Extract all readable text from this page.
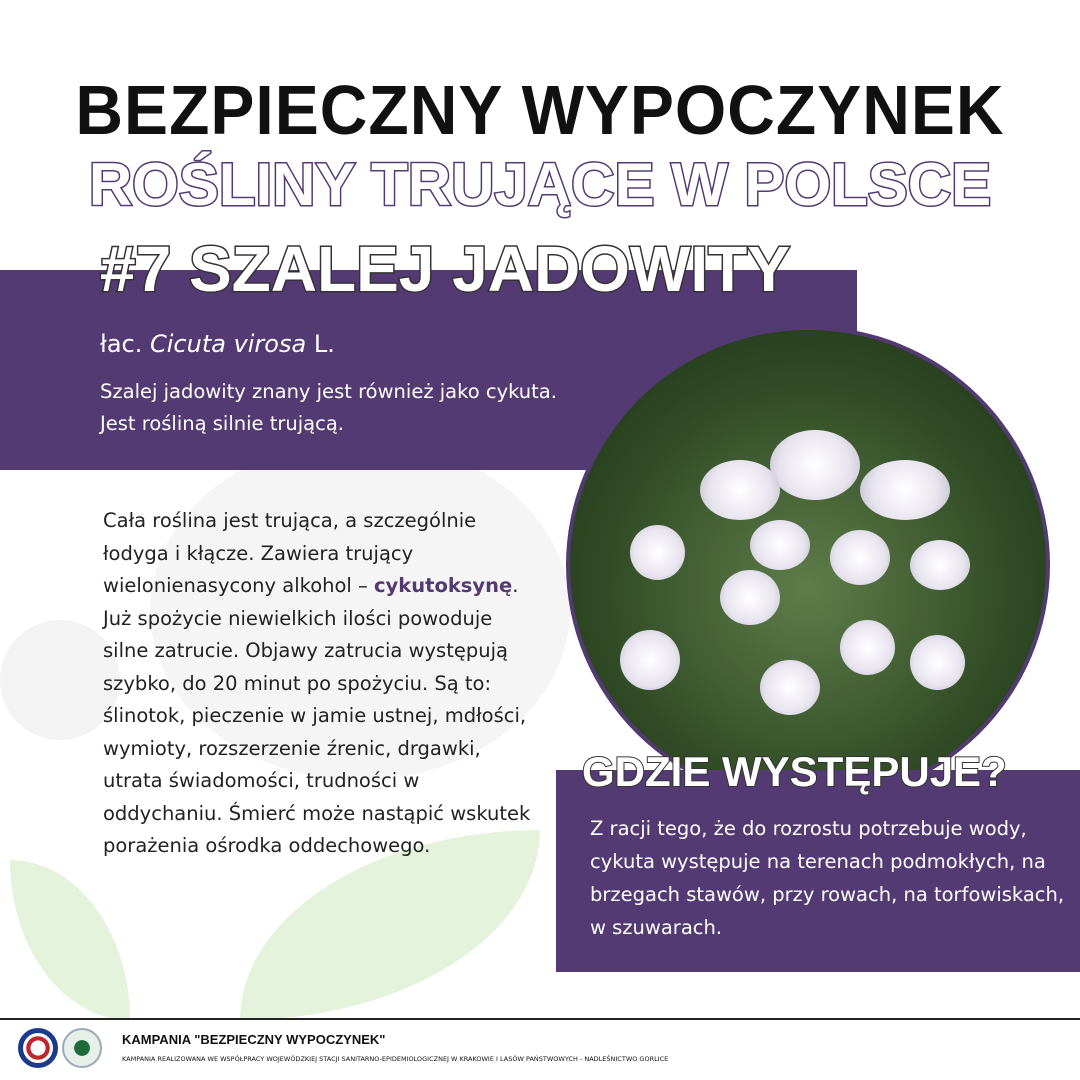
BEZPIECZNY WYPOCZYNEK
ROŚLINY TRUJĄCE W POLSCE
#7 SZALEJ JADOWITY
łac. Cicuta virosa L.
Szalej jadowity znany jest również jako cykuta.
Jest rośliną silnie trującą.
Cała roślina jest trująca, a szczególnie łodyga i kłącze. Zawiera trujący wielonienasycony alkohol – cykutoksynę. Już spożycie niewielkich ilości powoduje silne zatrucie. Objawy zatrucia występują szybko, do 20 minut po spożyciu. Są to: ślinotok, pieczenie w jamie ustnej, mdłości, wymioty, rozszerzenie źrenic, drgawki, utrata świadomości, trudności w oddychaniu. Śmierć może nastąpić wskutek porażenia ośrodka oddechowego.
GDZIE WYSTĘPUJE?
Z racji tego, że do rozrostu potrzebuje wody, cykuta występuje na terenach podmokłych, na brzegach stawów, przy rowach, na torfowiskach, w szuwarach.
KAMPANIA "BEZPIECZNY WYPOCZYNEK"
KAMPANIA REALIZOWANA WE WSPÓŁPRACY WOJEWÓDZKIEJ STACJI SANITARNO-EPIDEMIOLOGICZNEJ W KRAKOWIE I LASÓW PAŃSTWOWYCH - NADLEŚNICTWO GORLICE
